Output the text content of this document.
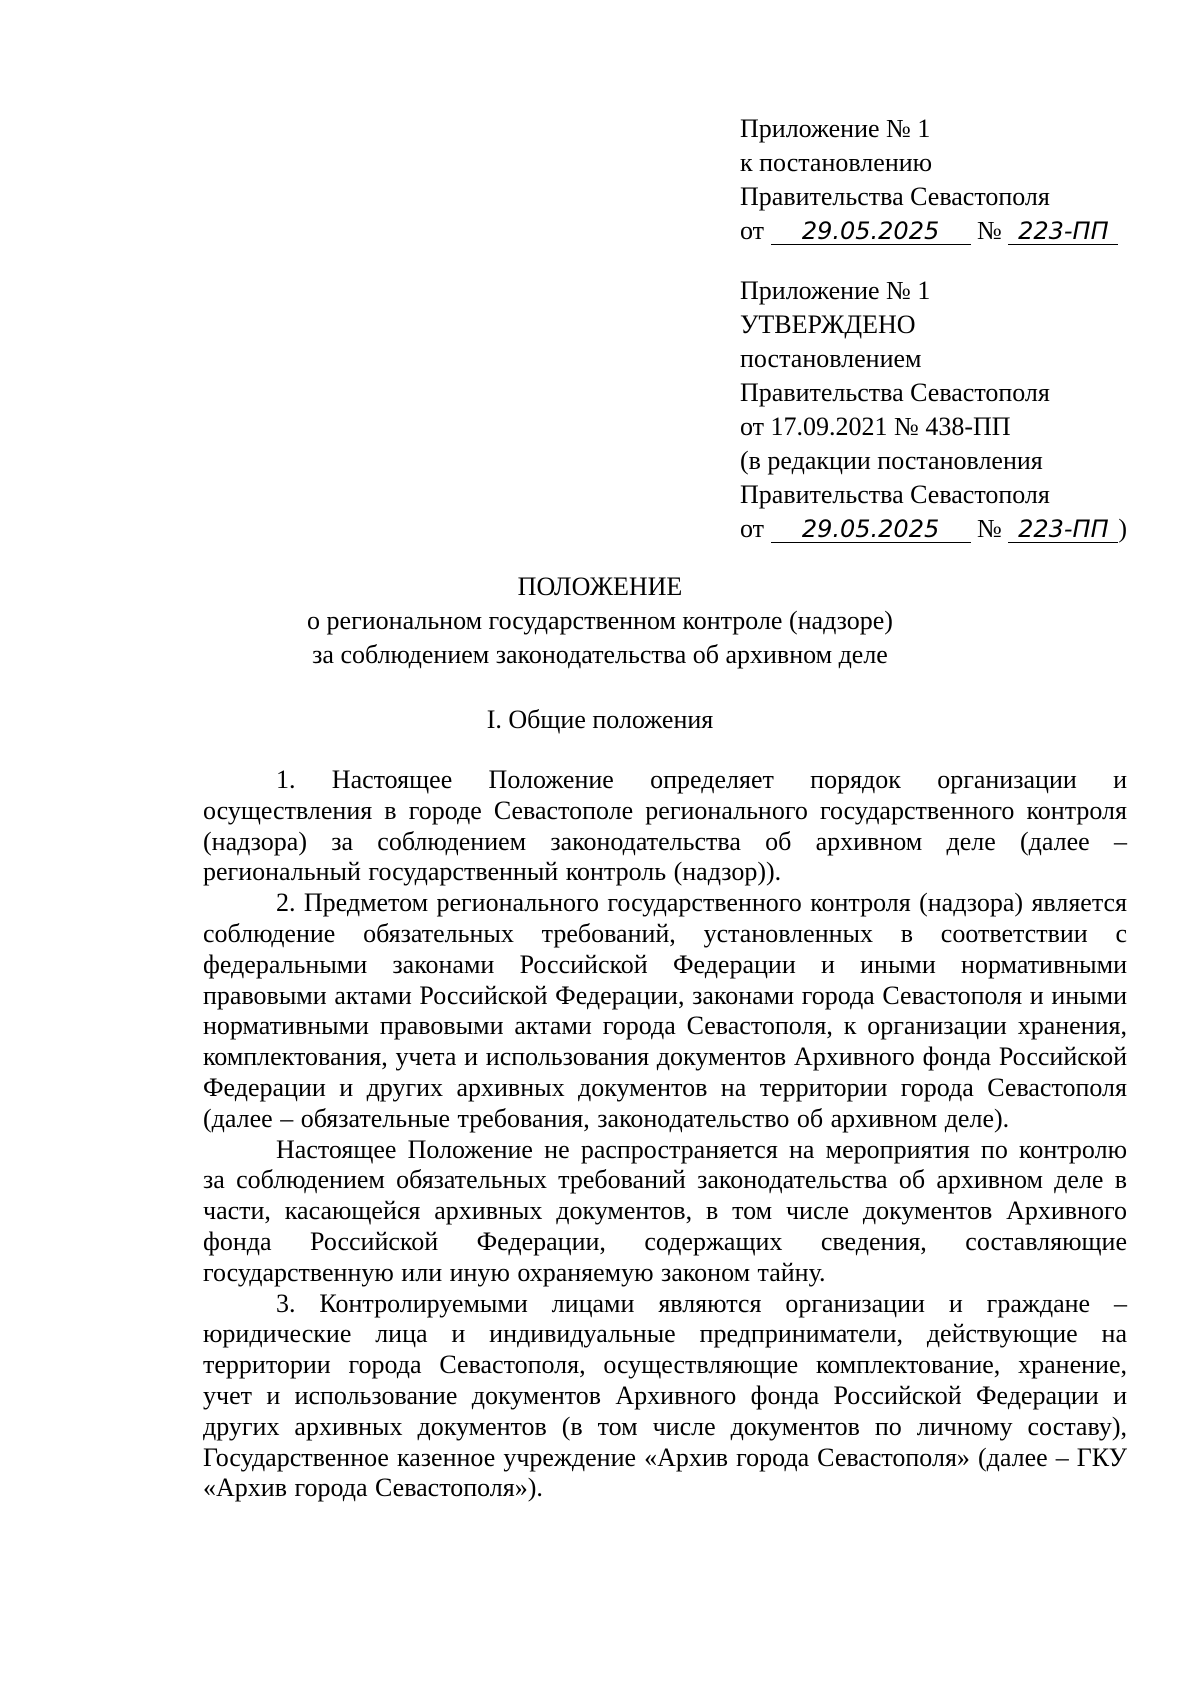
Приложение № 1
к постановлению
Правительства Севастополя
от 29.05.2025 № 223-ПП
Приложение № 1
УТВЕРЖДЕНО
постановлением
Правительства Севастополя
от 17.09.2021 № 438-ПП
(в редакции постановления
Правительства Севастополя
от 29.05.2025 № 223-ПП )
ПОЛОЖЕНИЕ
о региональном государственном контроле (надзоре)
за соблюдением законодательства об архивном деле
I. Общие положения

1. Настоящее Положение определяет порядок организации и осуществления в городе Севастополе регионального государственного контроля (надзора) за соблюдением законодательства об архивном деле (далее – региональный государственный контроль (надзор)).

2. Предметом регионального государственного контроля (надзора) является соблюдение обязательных требований, установленных в соответствии с федеральными законами Российской Федерации и иными нормативными правовыми актами Российской Федерации, законами города Севастополя и иными нормативными правовыми актами города Севастополя, к организации хранения, комплектования, учета и использования документов Архивного фонда Российской Федерации и других архивных документов на территории города Севастополя (далее – обязательные требования, законодательство об архивном деле).

Настоящее Положение не распространяется на мероприятия по контролю за соблюдением обязательных требований законодательства об архивном деле в части, касающейся архивных документов, в том числе документов Архивного фонда Российской Федерации, содержащих сведения, составляющие государственную или иную охраняемую законом тайну.

3. Контролируемыми лицами являются организации и граждане – юридические лица и индивидуальные предприниматели, действующие на территории города Севастополя, осуществляющие комплектование, хранение, учет и использование документов Архивного фонда Российской Федерации и других архивных документов (в том числе документов по личному составу), Государственное казенное учреждение «Архив города Севастополя» (далее – ГКУ «Архив города Севастополя»).
